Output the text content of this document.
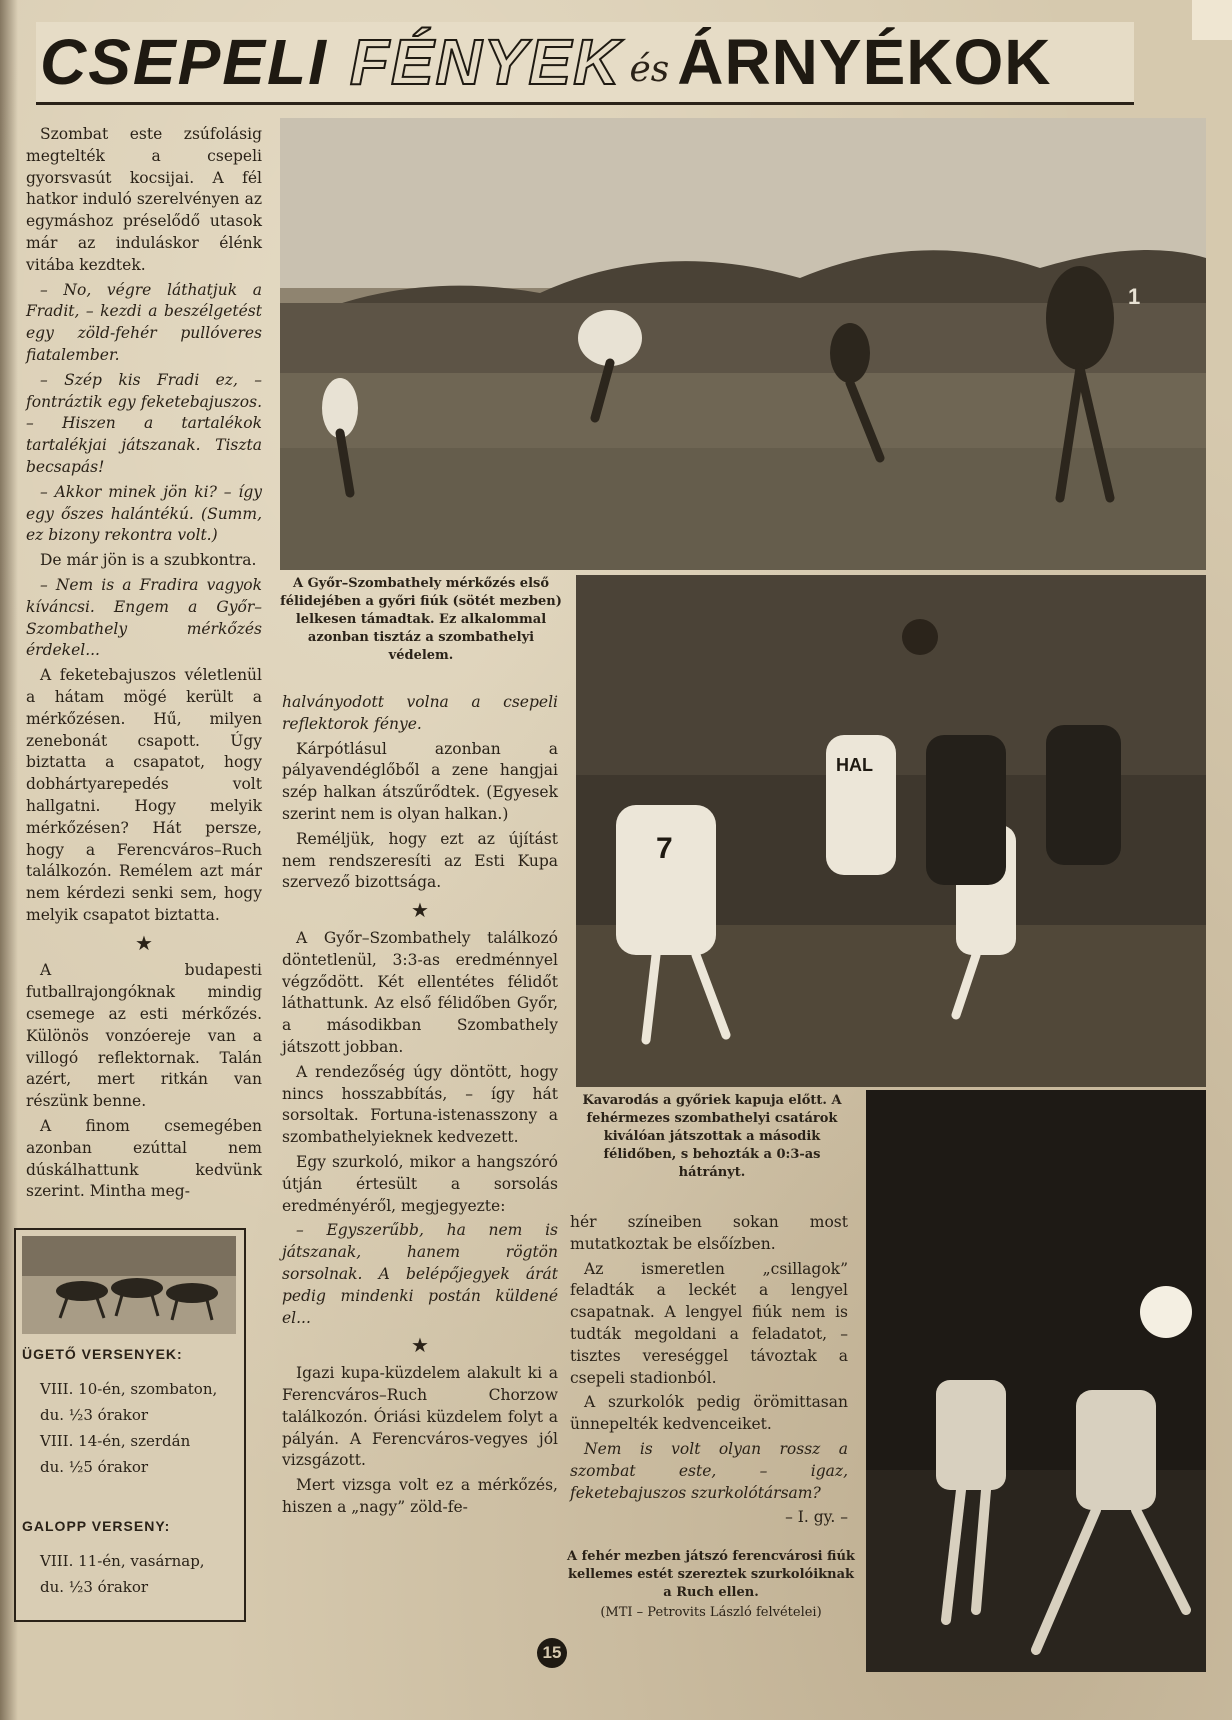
CSEPELI FÉNYEK és ÁRNYÉKOK

Szombat este zsúfolásig megtelték a csepeli gyorsvasút kocsijai. A fél hatkor induló szerelvényen az egymáshoz préselődő utasok már az induláskor élénk vitába kezdtek.

– No, végre láthatjuk a Fradit, – kezdi a beszélgetést egy zöld-fehér pullóveres fiatalember.

– Szép kis Fradi ez, – fontráztik egy feketebajuszos. – Hiszen a tartalékok tartalékjai játszanak. Tiszta becsapás!

– Akkor minek jön ki? – így egy őszes halántékú. (Summ, ez bizony rekontra volt.)

De már jön is a szubkontra.

– Nem is a Fradira vagyok kíváncsi. Engem a Győr–Szombathely mérkőzés érdekel...

A feketebajuszos véletlenül a hátam mögé került a mérkőzésen. Hű, milyen zenebonát csapott. Úgy biztatta a csapatot, hogy dobhártyarepedés volt hallgatni. Hogy melyik mérkőzésen? Hát persze, hogy a Ferencváros–Ruch találkozón. Remélem azt már nem kérdezi senki sem, hogy melyik csapatot biztatta.

★

A budapesti futballrajongóknak mindig csemege az esti mérkőzés. Különös vonzóereje van a villogó reflektornak. Talán azért, mert ritkán van részünk benne.

A finom csemegében azonban ezúttal nem dúskálhattunk kedvünk szerint. Mintha meg-

1
A Győr–Szombathely mérkőzés első félidejében a győri fiúk (sötét mezben) lelkesen támadtak. Ez alkalommal azonban tisztáz a szombathelyi védelem.
7
HAL

halványodott volna a csepeli reflektorok fénye.

Kárpótlásul azonban a pályavendéglőből a zene hangjai szép halkan átszűrődtek. (Egyesek szerint nem is olyan halkan.)

Reméljük, hogy ezt az újítást nem rendszeresíti az Esti Kupa szervező bizottsága.

★

A Győr–Szombathely találkozó döntetlenül, 3:3-as eredménnyel végződött. Két ellentétes félidőt láthattunk. Az első félidőben Győr, a másodikban Szombathely játszott jobban.

A rendezőség úgy döntött, hogy nincs hosszabbítás, – így hát sorsoltak. Fortuna-istenasszony a szombathelyieknek kedvezett.

Egy szurkoló, mikor a hangszóró útján értesült a sorsolás eredményéről, megjegyezte:

– Egyszerűbb, ha nem is játszanak, hanem rögtön sorsolnak. A belépőjegyek árát pedig mindenki postán küldené el...

★

Igazi kupa-küzdelem alakult ki a Ferencváros–Ruch Chorzow találkozón. Óriási küzdelem folyt a pályán. A Ferencváros-vegyes jól vizsgázott.

Mert vizsga volt ez a mérkőzés, hiszen a „nagy” zöld-fe-

Kavarodás a győriek kapuja előtt. A fehérmezes szombathelyi csatárok kiválóan játszottak a második félidőben, s behozták a 0:3-as hátrányt.

hér színeiben sokan most mutatkoztak be elsőízben.

Az ismeretlen „csillagok” feladták a leckét a lengyel csapatnak. A lengyel fiúk nem is tudták megoldani a feladatot, – tisztes vereséggel távoztak a csepeli stadionból.

A szurkolók pedig örömittasan ünnepelték kedvenceiket.

Nem is volt olyan rossz a szombat este, – igaz, feketebajuszos szurkolótársam?

– I. gy. –

A fehér mezben játszó ferencvárosi fiúk kellemes estét szereztek szurkolóiknak a Ruch ellen.
(MTI – Petrovits László felvételei)
ÜGETŐ VERSENYEK:
VIII. 10-én, szombaton,
du. ½3 órakor
VIII. 14-én, szerdán
du. ½5 órakor
GALOPP VERSENY:
VIII. 11-én, vasárnap,
du. ½3 órakor
15
